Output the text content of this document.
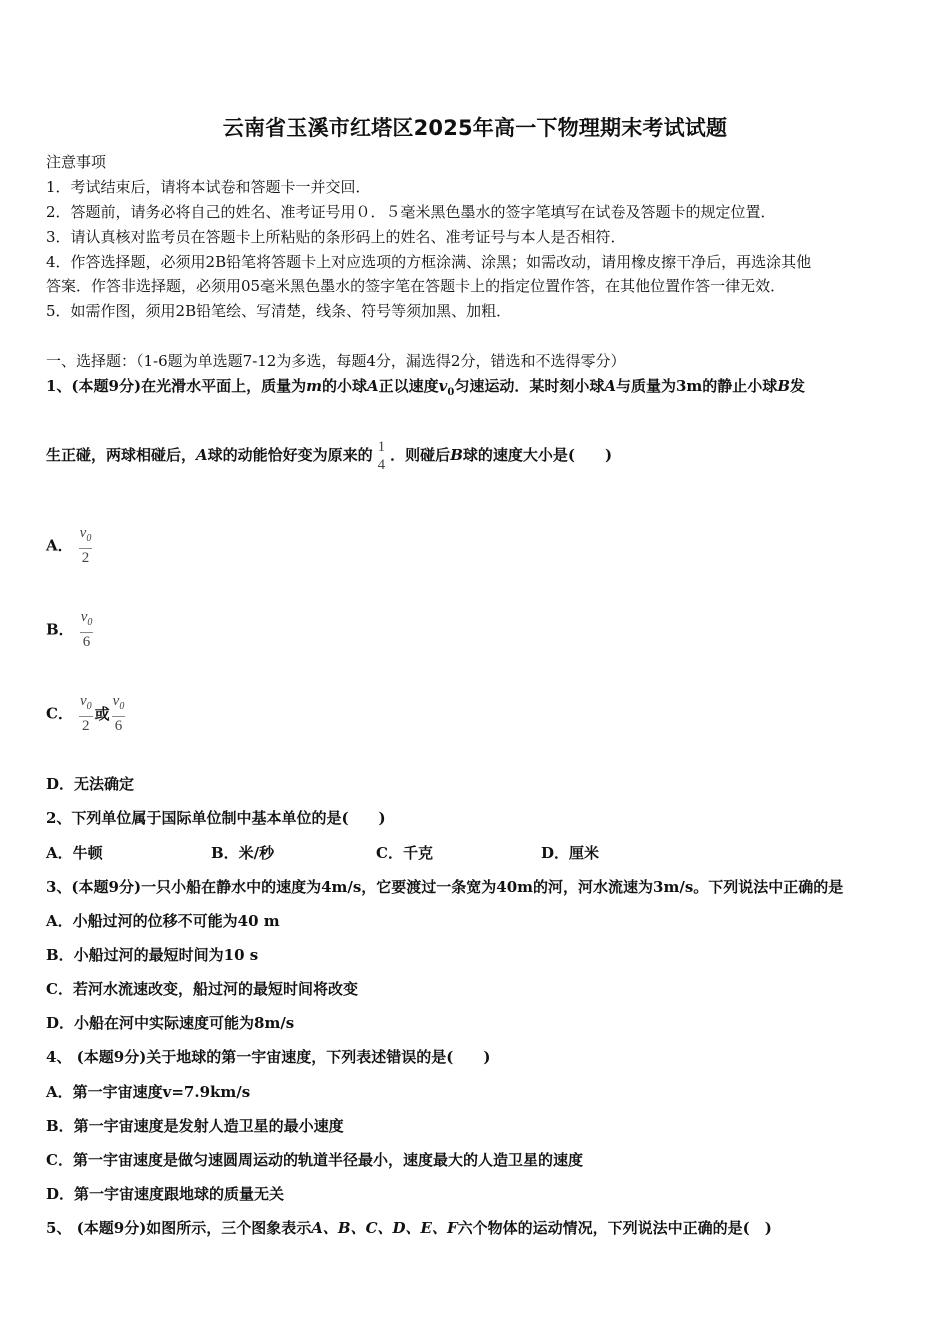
云南省玉溪市红塔区2025年高一下物理期末考试试题
注意事项
1．考试结束后，请将本试卷和答题卡一并交回．
2．答题前，请务必将自己的姓名、准考证号用０．５毫米黑色墨水的签字笔填写在试卷及答题卡的规定位置．
3．请认真核对监考员在答题卡上所粘贴的条形码上的姓名、准考证号与本人是否相符．
4．作答选择题，必须用2B铅笔将答题卡上对应选项的方框涂满、涂黑；如需改动，请用橡皮擦干净后，再选涂其他
答案．作答非选择题，必须用05毫米黑色墨水的签字笔在答题卡上的指定位置作答，在其他位置作答一律无效．
5．如需作图，须用2B铅笔绘、写清楚，线条、符号等须加黑、加粗．
一、选择题：（1-6题为单选题7-12为多选，每题4分，漏选得2分，错选和不选得零分）
1、(本题9分)在光滑水平面上，质量为m的小球A正以速度$v_0$匀速运动．某时刻小球A与质量为3m的静止小球B发
生正碰，两球相碰后，A球的动能恰好变为原来的 1
4
．则碰后B球的速度大小是(　　)
A． $\frac{v_0}{2}$
B． $\frac{v_0}{6}$
C． $\frac{v_0}{2}$ 或 $\frac{v_0}{6}$
D．无法确定
2、下列单位属于国际单位制中基本单位的是(　　)
A．牛顿	B．米/秒	C．千克	D．厘米
3、(本题9分)一只小船在静水中的速度为4m/s，它要渡过一条宽为40m的河，河水流速为3m/s。下列说法中正确的是
A．小船过河的位移不可能为40 m
B．小船过河的最短时间为10 s
C．若河水流速改变，船过河的最短时间将改变
D．小船在河中实际速度可能为8m/s
4、 (本题9分)关于地球的第一宇宙速度，下列表述错误的是(　　)
A．第一宇宙速度v=7.9km/s
B．第一宇宙速度是发射人造卫星的最小速度
C．第一宇宙速度是做匀速圆周运动的轨道半径最小，速度最大的人造卫星的速度
D．第一宇宙速度跟地球的质量无关
5、 (本题9分)如图所示，三个图象表示A、B、C、D、E、F六个物体的运动情况，下列说法中正确的是(　)
